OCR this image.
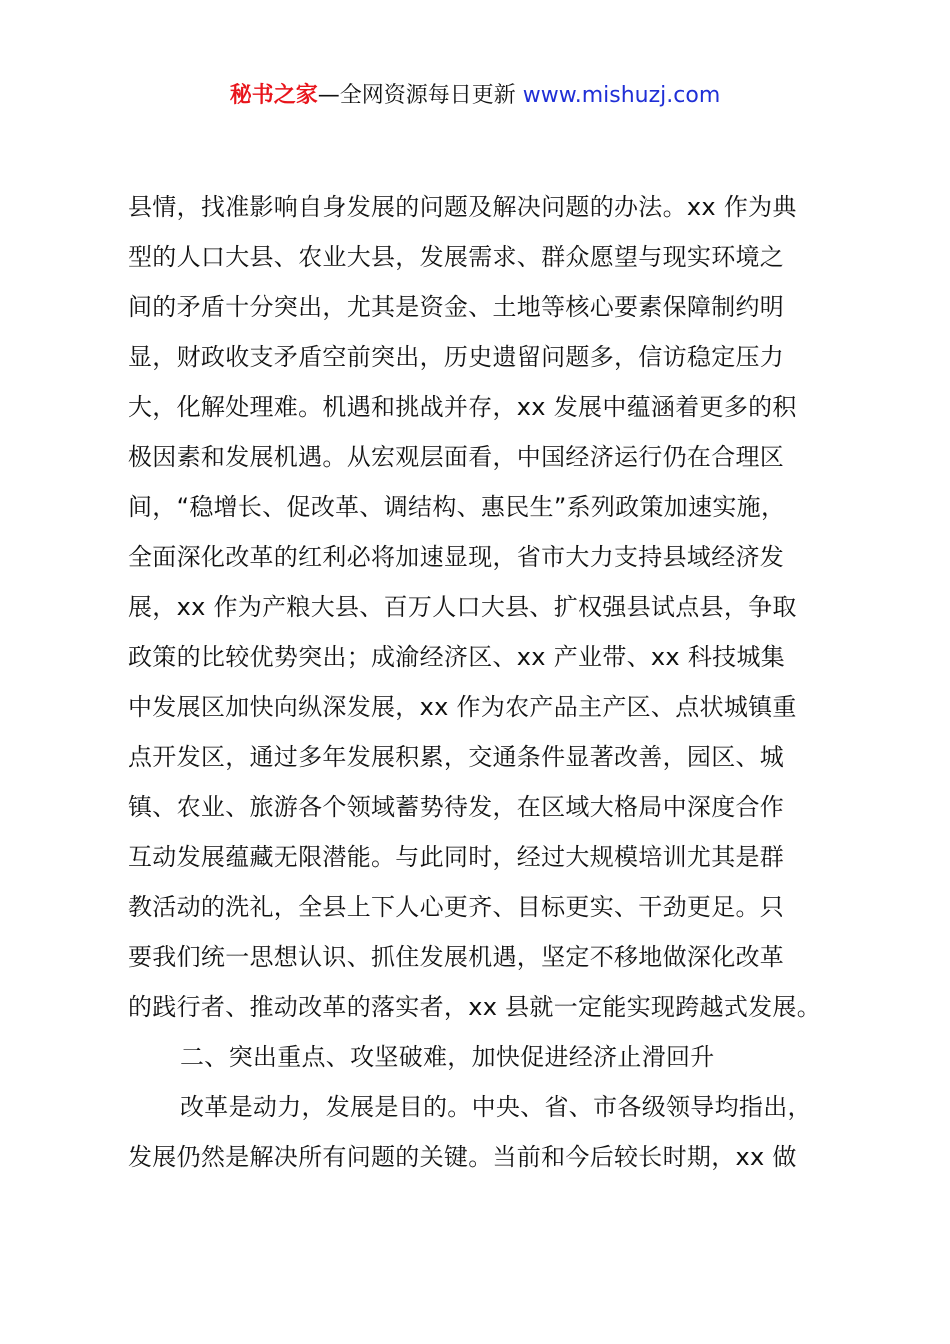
秘书之家—全网资源每日更新 www.mishuzj.com
县情，找准影响自身发展的问题及解决问题的办法。xx 作为典
型的人口大县、农业大县，发展需求、群众愿望与现实环境之
间的矛盾十分突出，尤其是资金、土地等核心要素保障制约明
显，财政收支矛盾空前突出，历史遗留问题多，信访稳定压力
大，化解处理难。机遇和挑战并存，xx 发展中蕴涵着更多的积
极因素和发展机遇。从宏观层面看，中国经济运行仍在合理区
间，“稳增长、促改革、调结构、惠民生”系列政策加速实施，
全面深化改革的红利必将加速显现，省市大力支持县域经济发
展，xx 作为产粮大县、百万人口大县、扩权强县试点县，争取
政策的比较优势突出；成渝经济区、xx 产业带、xx 科技城集
中发展区加快向纵深发展，xx 作为农产品主产区、点状城镇重
点开发区，通过多年发展积累，交通条件显著改善，园区、城
镇、农业、旅游各个领域蓄势待发，在区域大格局中深度合作
互动发展蕴藏无限潜能。与此同时，经过大规模培训尤其是群
教活动的洗礼，全县上下人心更齐、目标更实、干劲更足。只
要我们统一思想认识、抓住发展机遇，坚定不移地做深化改革
的践行者、推动改革的落实者，xx 县就一定能实现跨越式发展。
二、突出重点、攻坚破难，加快促进经济止滑回升
改革是动力，发展是目的。中央、省、市各级领导均指出，
发展仍然是解决所有问题的关键。当前和今后较长时期，xx 做
